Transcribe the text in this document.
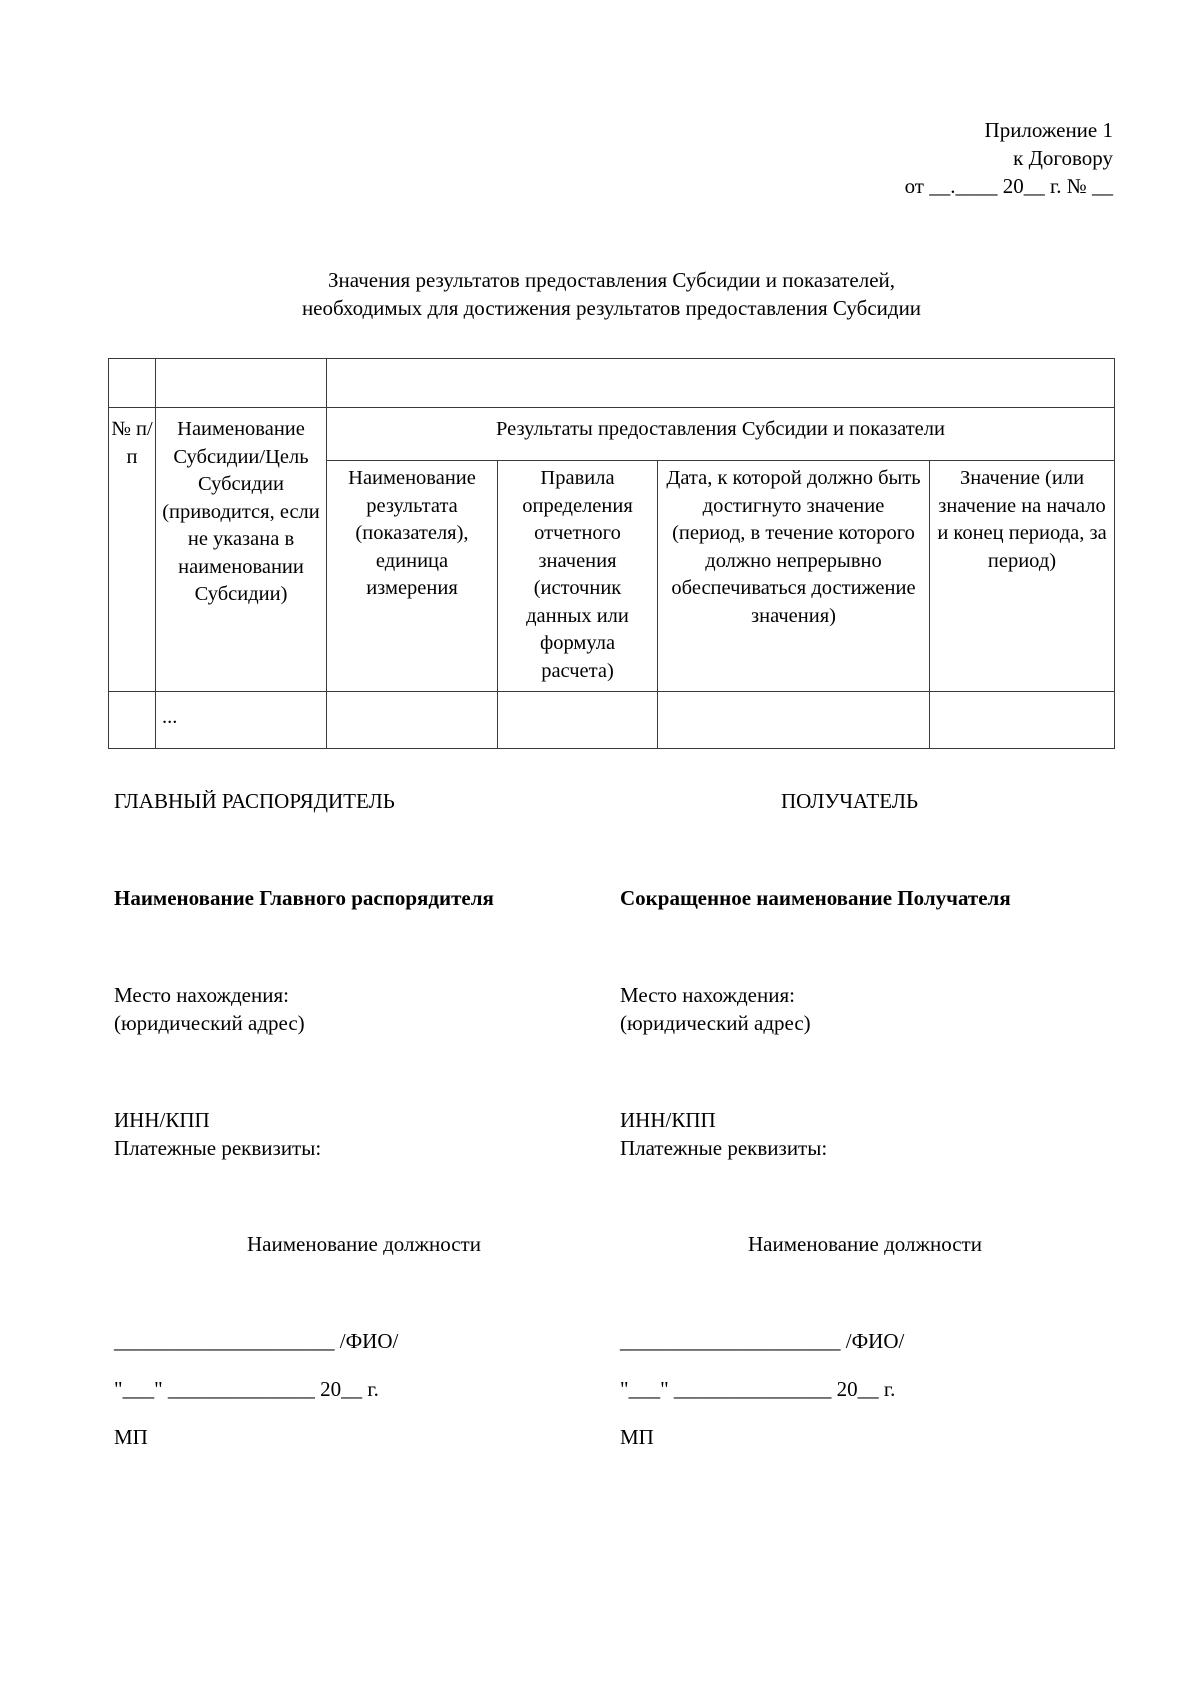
Приложение 1
к Договору
от __.____ 20__ г. № __
Значения результатов предоставления Субсидии и показателей,
необходимых для достижения результатов предоставления Субсидии

№ п/п	Наименование Субсидии/Цель Субсидии (приводится, если не указана в наименовании Субсидии)	Результаты предоставления Субсидии и показатели			
		Наименование результата (показателя), единица измерения	Правила определения отчетного значения (источник данных или формула расчета)	Дата, к которой должно быть достигнуто значение (период, в течение которого должно непрерывно обеспечиваться достижение значения)	Значение (или значение на начало и конец периода, за период)
	...				
ГЛАВНЫЙ РАСПОРЯДИТЕЛЬ
Наименование Главного распорядителя
Место нахождения:
(юридический адрес)
ИНН/КПП
Платежные реквизиты:
Наименование должности
_____________________ /ФИО/
"___" ______________ 20__ г.
МП
ПОЛУЧАТЕЛЬ
Сокращенное наименование Получателя
Место нахождения:
(юридический адрес)
ИНН/КПП
Платежные реквизиты:
Наименование должности
_____________________ /ФИО/
"___" _______________ 20__ г.
МП
